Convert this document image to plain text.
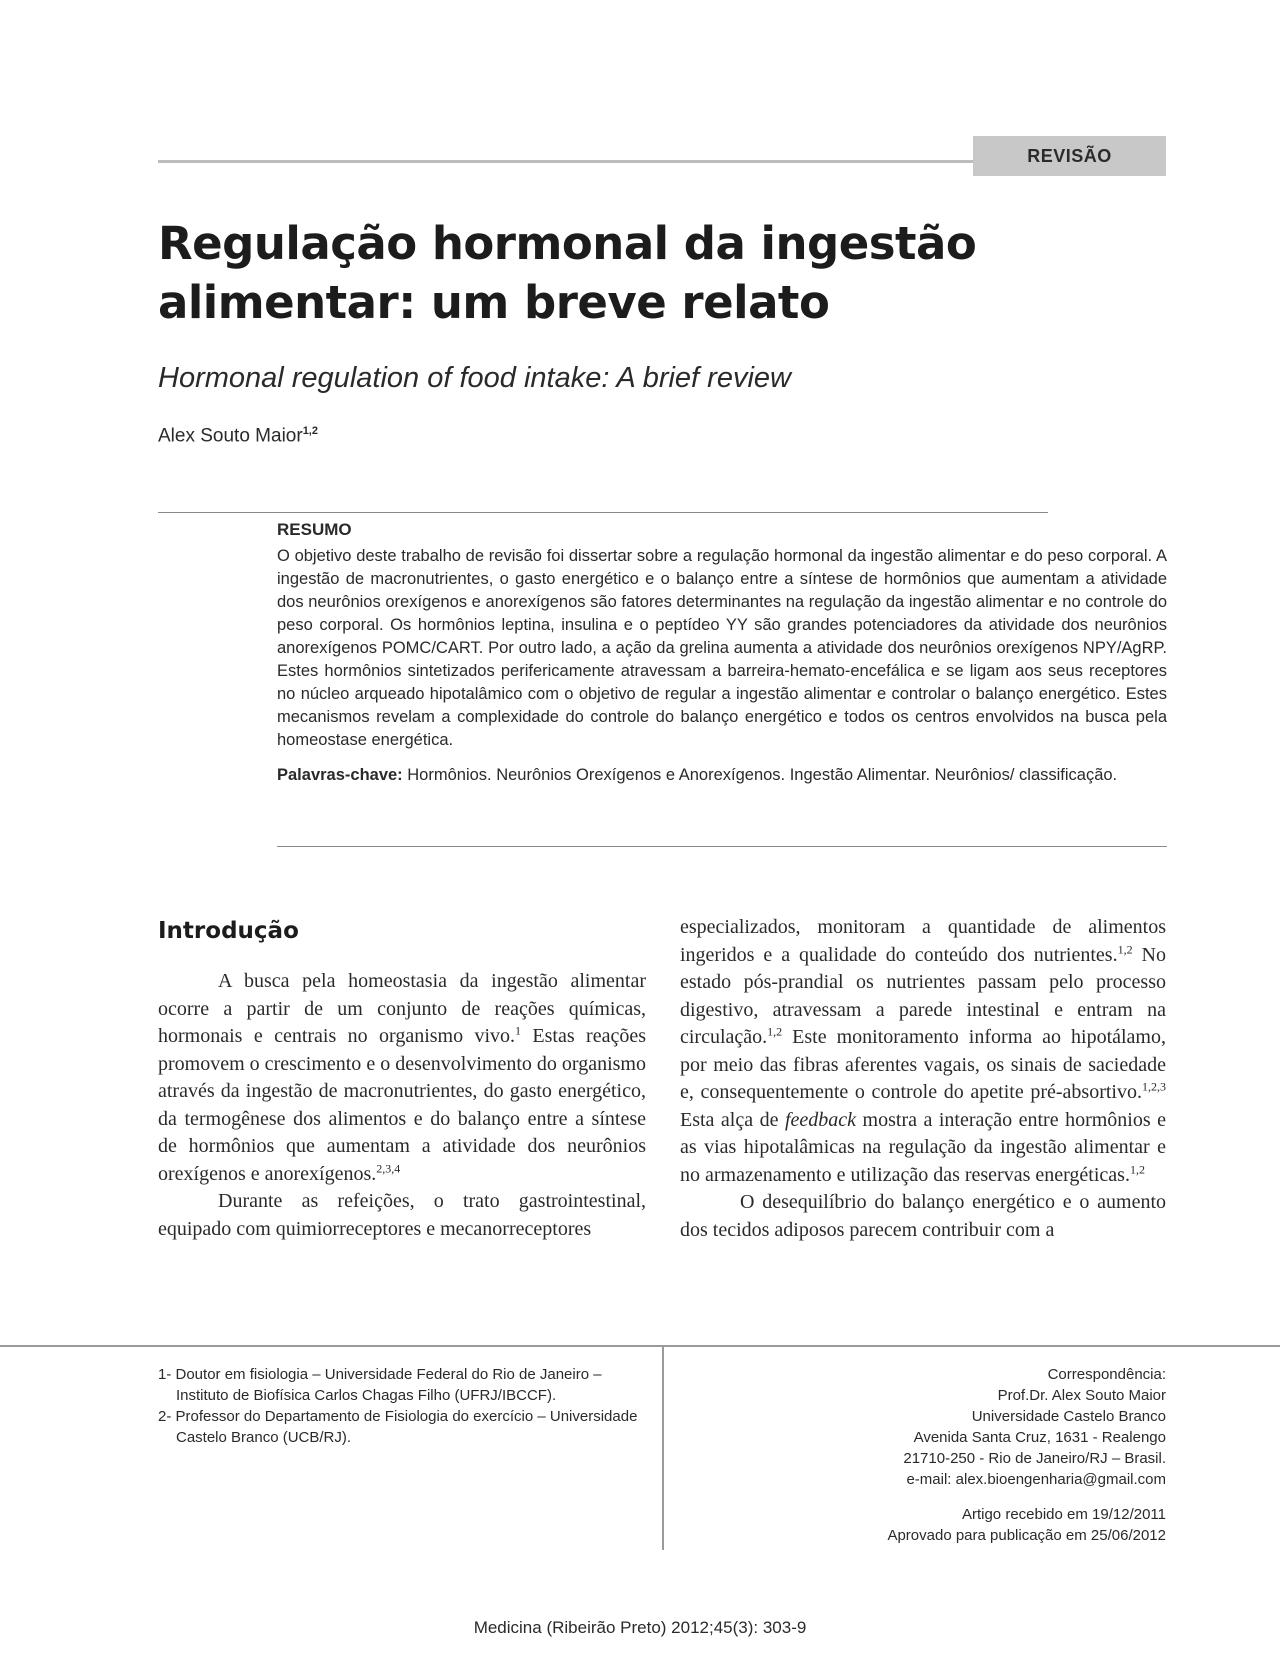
REVISÃO
Regulação hormonal da ingestão
alimentar: um breve relato
Hormonal regulation of food intake: A brief review
Alex Souto Maior$^{1,2}$
RESUMO

O objetivo deste trabalho de revisão foi dissertar sobre a regulação hormonal da ingestão alimentar e do peso corporal. A ingestão de macronutrientes, o gasto energético e o balanço entre a síntese de hormônios que aumentam a atividade dos neurônios orexígenos e anorexígenos são fatores determinantes na regulação da ingestão alimentar e no controle do peso corporal. Os hormônios leptina, insulina e o peptídeo YY são grandes potenciadores da atividade dos neurônios anorexígenos POMC/CART. Por outro lado, a ação da grelina aumenta a atividade dos neurônios orexígenos NPY/AgRP. Estes hormônios sintetizados perifericamente atravessam a barreira-hemato-encefálica e se ligam aos seus receptores no núcleo arqueado hipotalâmico com o objetivo de regular a ingestão alimentar e controlar o balanço energético. Estes mecanismos revelam a complexidade do controle do balanço energético e todos os centros envolvidos na busca pela homeostase energética.

Palavras-chave: Hormônios. Neurônios Orexígenos e Anorexígenos. Ingestão Alimentar. Neurônios/ classificação.

Introdução

A busca pela homeostasia da ingestão alimentar ocorre a partir de um conjunto de reações químicas, hormonais e centrais no organismo vivo.$^1$ Estas reações promovem o crescimento e o desenvolvimento do organismo através da ingestão de macronutrientes, do gasto energético, da termogênese dos alimentos e do balanço entre a síntese de hormônios que aumentam a atividade dos neurônios orexígenos e anorexígenos.$^{2,3,4}$

Durante as refeições, o trato gastrointestinal, equipado com quimiorreceptores e mecanorreceptores

especializados, monitoram a quantidade de alimentos ingeridos e a qualidade do conteúdo dos nutrientes.$^{1,2}$ No estado pós-prandial os nutrientes passam pelo processo digestivo, atravessam a parede intestinal e entram na circulação.$^{1,2}$ Este monitoramento informa ao hipotálamo, por meio das fibras aferentes vagais, os sinais de saciedade e, consequentemente o controle do apetite pré-absortivo.$^{1,2,3}$ Esta alça de feedback mostra a interação entre hormônios e as vias hipotalâmicas na regulação da ingestão alimentar e no armazenamento e utilização das reservas energéticas.$^{1,2}$

O desequilíbrio do balanço energético e o aumento dos tecidos adiposos parecem contribuir com a

1- Doutor em fisiologia – Universidade Federal do Rio de Janeiro – Instituto de Biofísica Carlos Chagas Filho (UFRJ/IBCCF).

2- Professor do Departamento de Fisiologia do exercício – Universidade Castelo Branco (UCB/RJ).

Correspondência:
Prof.Dr. Alex Souto Maior
Universidade Castelo Branco
Avenida Santa Cruz, 1631 - Realengo
21710-250 - Rio de Janeiro/RJ – Brasil.
e-mail: alex.bioengenharia@gmail.com
Artigo recebido em 19/12/2011
Aprovado para publicação em 25/06/2012
Medicina (Ribeirão Preto) 2012;45(3): 303-9
